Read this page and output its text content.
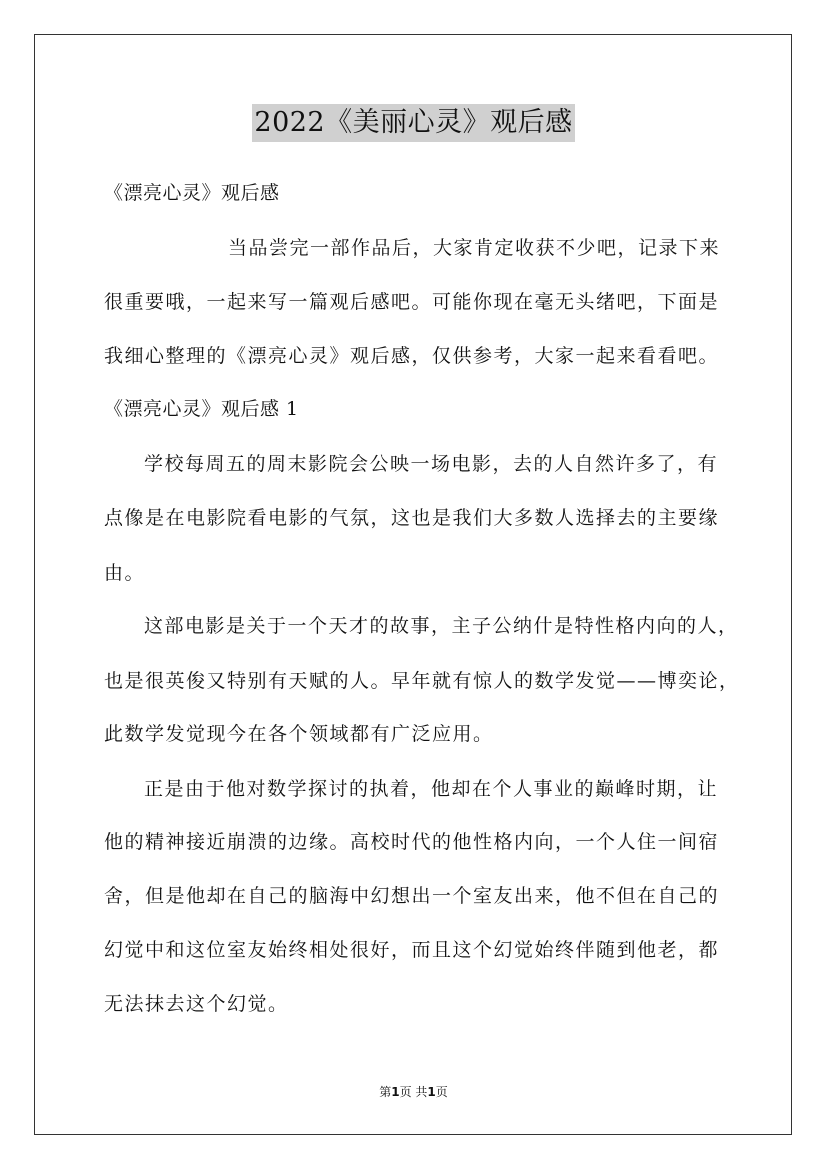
2022《美丽心灵》观后感
《漂亮心灵》观后感
当品尝完一部作品后，大家肯定收获不少吧，记录下来
很重要哦，一起来写一篇观后感吧。可能你现在毫无头绪吧，下面是
我细心整理的《漂亮心灵》观后感，仅供参考，大家一起来看看吧。
《漂亮心灵》观后感 1
学校每周五的周末影院会公映一场电影，去的人自然许多了，有
点像是在电影院看电影的气氛，这也是我们大多数人选择去的主要缘
由。
这部电影是关于一个天才的故事，主子公纳什是特性格内向的人，
也是很英俊又特别有天赋的人。早年就有惊人的数学发觉——博奕论，
此数学发觉现今在各个领域都有广泛应用。
正是由于他对数学探讨的执着，他却在个人事业的巅峰时期，让
他的精神接近崩溃的边缘。高校时代的他性格内向，一个人住一间宿
舍，但是他却在自己的脑海中幻想出一个室友出来，他不但在自己的
幻觉中和这位室友始终相处很好，而且这个幻觉始终伴随到他老，都
无法抹去这个幻觉。
第1页 共1页
